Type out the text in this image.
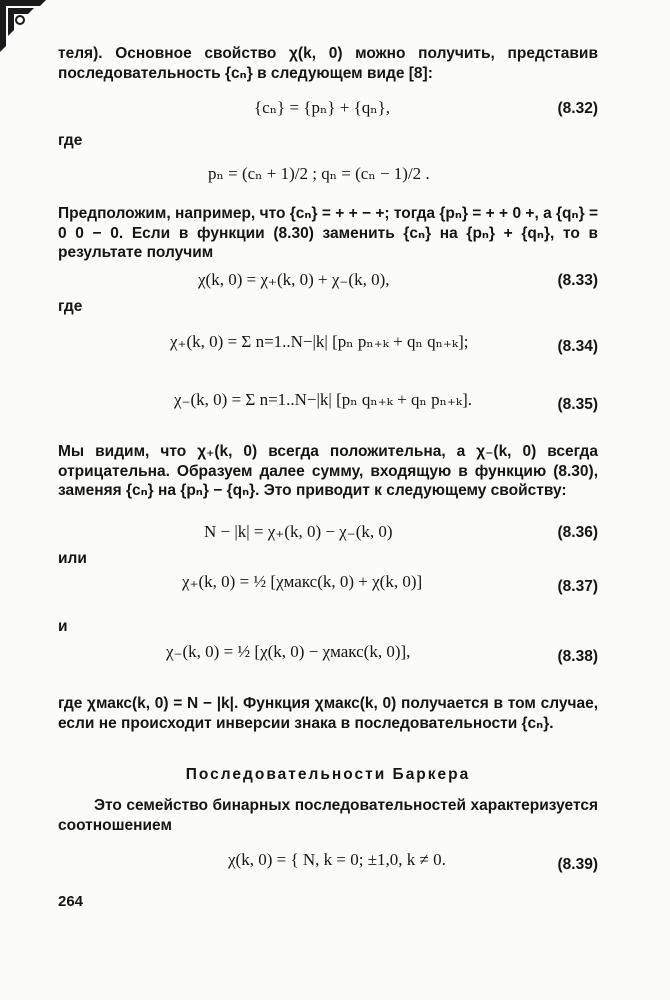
теля). Основное свойство χ(k, 0) можно получить, представив последовательность {cₙ} в следующем виде [8]:

{cₙ} = {pₙ} + {qₙ},	(8.32)

где

pₙ = (cₙ + 1)/2 ; qₙ = (cₙ − 1)/2 .

Предположим, например, что {cₙ} = + + − +; тогда {pₙ} = + + 0 +, а {qₙ} = 0 0 − 0. Если в функции (8.30) заменить {cₙ} на {pₙ} + {qₙ}, то в результате получим

χ(k, 0) = χ₊(k, 0) + χ₋(k, 0),	(8.33)

где

χ₊(k, 0) = Σ n=1..N−|k| [pₙ pₙ₊ₖ + qₙ qₙ₊ₖ];	(8.34)
χ₋(k, 0) = Σ n=1..N−|k| [pₙ qₙ₊ₖ + qₙ pₙ₊ₖ].	(8.35)

Мы видим, что χ₊(k, 0) всегда положительна, а χ₋(k, 0) всегда отрицательна. Образуем далее сумму, входящую в функцию (8.30), заменяя {cₙ} на {pₙ} − {qₙ}. Это приводит к следующему свойству:

N − |k| = χ₊(k, 0) − χ₋(k, 0)	(8.36)

или

χ₊(k, 0) = ½ [χмакс(k, 0) + χ(k, 0)]	(8.37)

и

χ₋(k, 0) = ½ [χ(k, 0) − χмакс(k, 0)],	(8.38)

где χмакс(k, 0) = N − |k|. Функция χмакс(k, 0) получается в том случае, если не происходит инверсии знака в последовательности {cₙ}.

Последовательности Баркера

Это семейство бинарных последовательностей характеризуется соотношением

χ(k, 0) = { N, k = 0; ±1,0, k ≠ 0.	(8.39)
264
